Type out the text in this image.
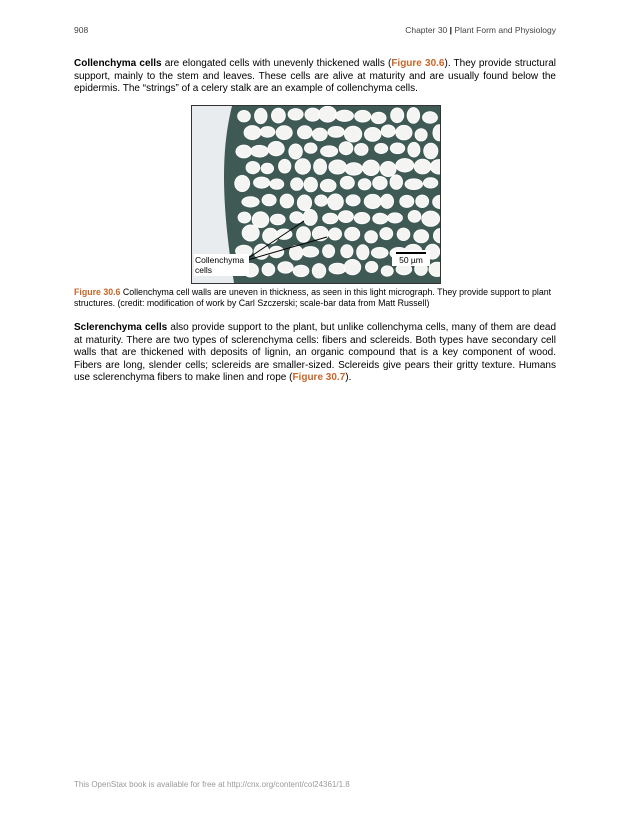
908	Chapter 30 | Plant Form and Physiology

Collenchyma cells are elongated cells with unevenly thickened walls (Figure 30.6). They provide structural support, mainly to the stem and leaves. These cells are alive at maturity and are usually found below the epidermis. The “strings” of a celery stalk are an example of collenchyma cells.

Collenchyma cells
50 µm

Figure 30.6 Collenchyma cell walls are uneven in thickness, as seen in this light micrograph. They provide support to plant structures. (credit: modification of work by Carl Szczerski; scale-bar data from Matt Russell)

Sclerenchyma cells also provide support to the plant, but unlike collenchyma cells, many of them are dead at maturity. There are two types of sclerenchyma cells: fibers and sclereids. Both types have secondary cell walls that are thickened with deposits of lignin, an organic compound that is a key component of wood. Fibers are long, slender cells; sclereids are smaller-sized. Sclereids give pears their gritty texture. Humans use sclerenchyma fibers to make linen and rope (Figure 30.7).

This OpenStax book is available for free at http://cnx.org/content/col24361/1.8
